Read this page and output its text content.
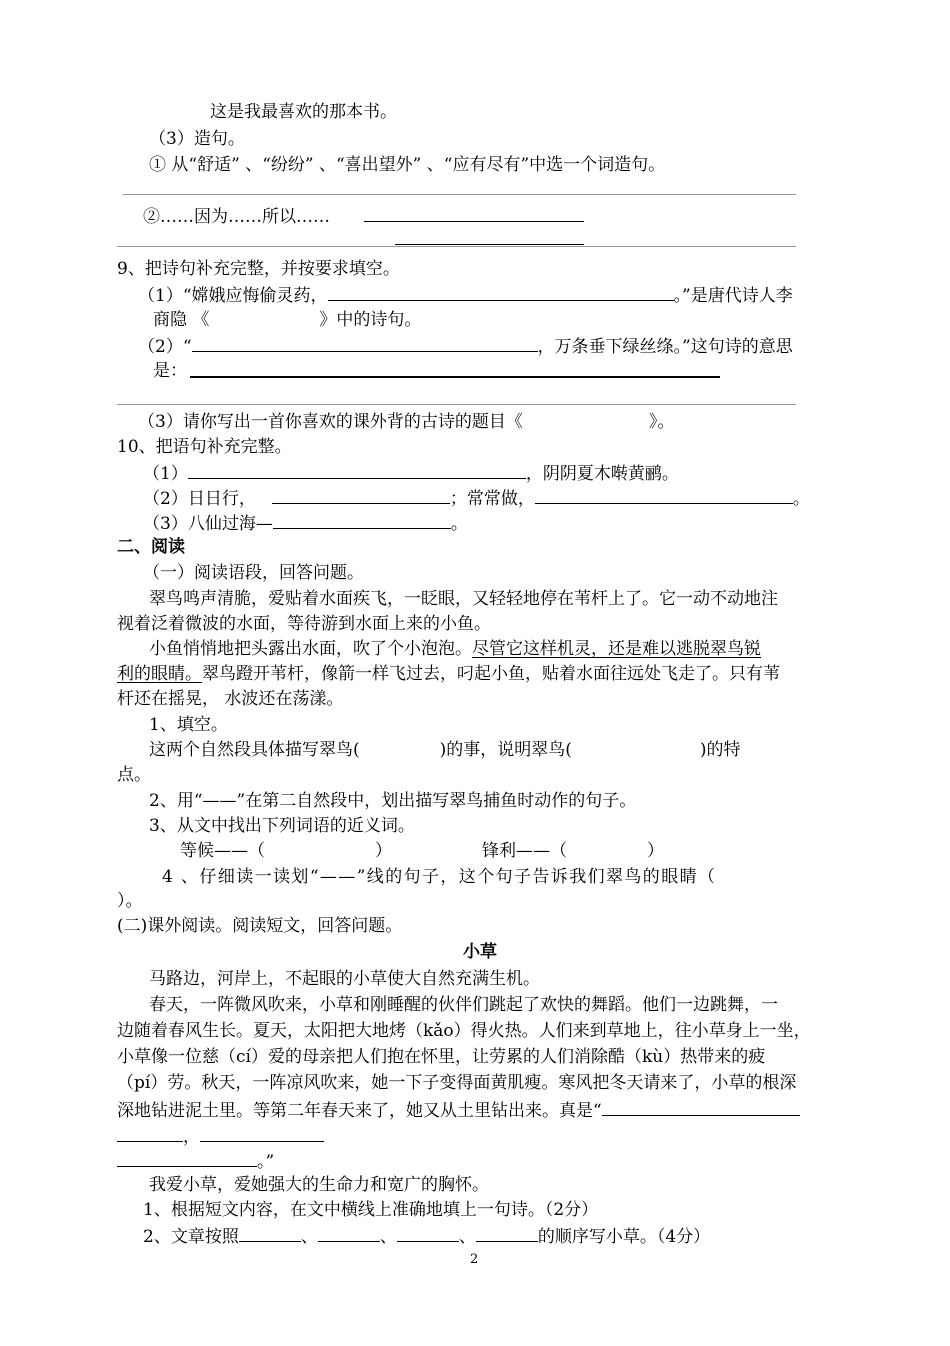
这是我最喜欢的那本书。
（3）造句。
① 从“舒适” 、“纷纷” 、“喜出望外” 、“应有尽有”中选一个词造句。
②……因为……所以……
9、把诗句补充完整，并按要求填空。
（1）“嫦娥应悔偷灵药，	。”是唐代诗人李
商隐 《	》中的诗句。
（2）“	，万条垂下绿丝绦。”这句诗的意思
是：
（3）请你写出一首你喜欢的课外背的古诗的题目《	》。
10、把语句补充完整。
（1）	，阴阴夏木啭黄鹂。
（2）日日行，	；常常做，	。
（3）八仙过海—	。
二、阅读
（一）阅读语段，回答问题。
翠鸟鸣声清脆，爱贴着水面疾飞，一眨眼，又轻轻地停在苇杆上了。它一动不动地注
视着泛着微波的水面，等待游到水面上来的小鱼。
小鱼悄悄地把头露出水面，吹了个小泡泡。尽管它这样机灵，还是难以逃脱翠鸟锐
利的眼睛。翠鸟蹬开苇杆，像箭一样飞过去，叼起小鱼，贴着水面往远处飞走了。只有苇
杆还在摇晃， 水波还在荡漾。
1、填空。
这两个自然段具体描写翠鸟(	)的事，说明翠鸟(	)的特
点。
2、用“——”在第二自然段中，划出描写翠鸟捕鱼时动作的句子。
3、从文中找出下列词语的近义词。
等候——（	）	锋利——（	）
4 、仔细读一读划“——”线的句子，这个句子告诉我们翠鸟的眼睛（
）。
(二)课外阅读。阅读短文，回答问题。
小草
马路边，河岸上，不起眼的小草使大自然充满生机。
春天，一阵微风吹来，小草和刚睡醒的伙伴们跳起了欢快的舞蹈。他们一边跳舞，一
边随着春风生长。夏天，太阳把大地烤（kǎo）得火热。人们来到草地上，往小草身上一坐，
小草像一位慈（cí）爱的母亲把人们抱在怀里，让劳累的人们消除酷（kù）热带来的疲
（pí）劳。秋天，一阵凉风吹来，她一下子变得面黄肌瘦。寒风把冬天请来了，小草的根深
深地钻进泥土里。等第二年春天来了，她又从土里钻出来。真是“
，
。”
我爱小草，爱她强大的生命力和宽广的胸怀。
1、根据短文内容，在文中横线上准确地填上一句诗。（2分）
2、文章按照	、	、	、	的顺序写小草。（4分）
2
